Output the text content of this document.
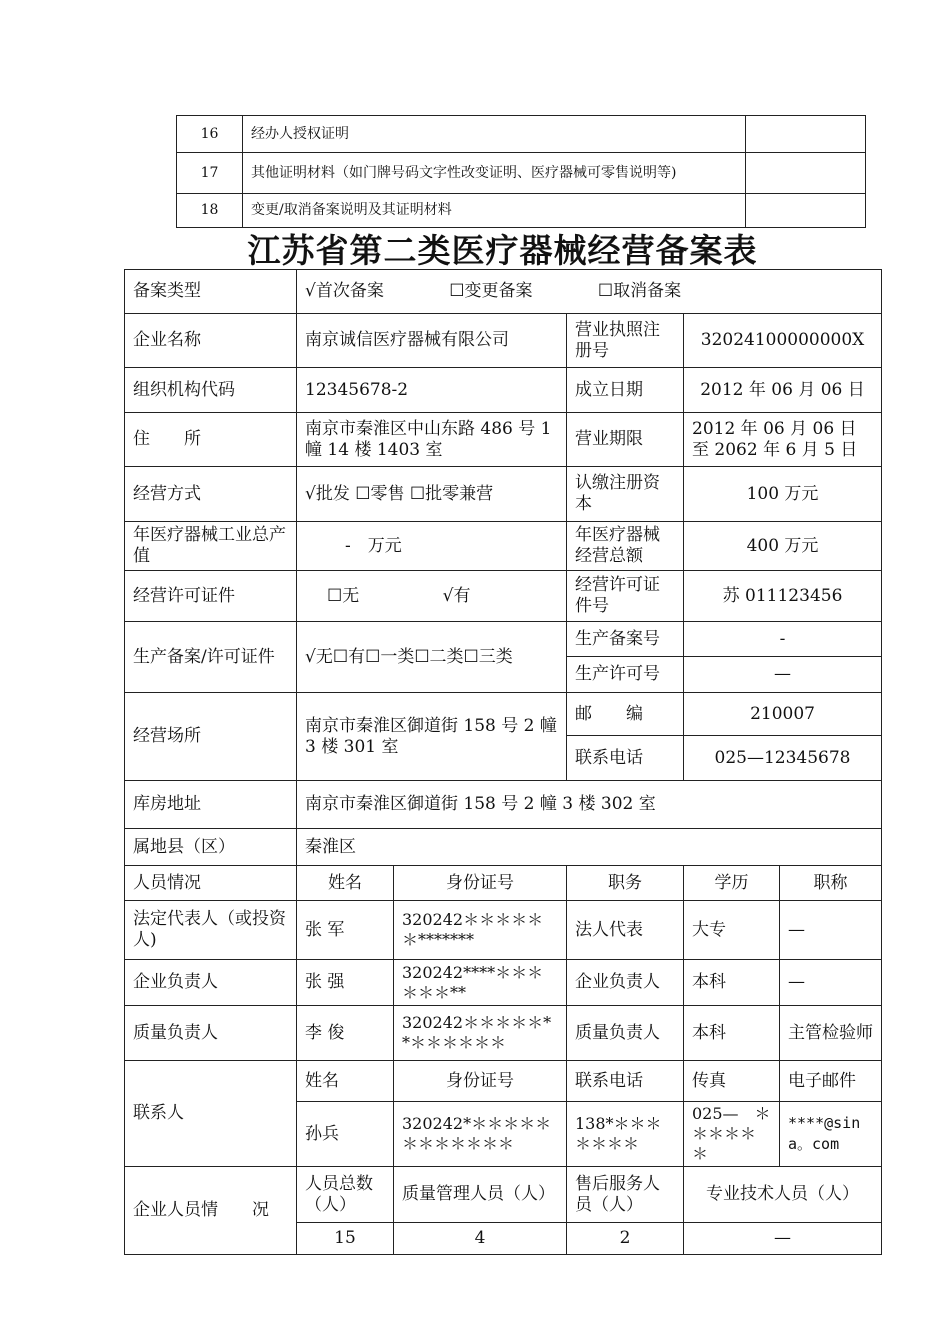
16	经办人授权证明	
17	其他证明材料（如门牌号码文字性改变证明、医疗器械可零售说明等)	
18	变更/取消备案说明及其证明材料	
江苏省第二类医疗器械经营备案表
备案类型	√首次备案 ☐变更备案 ☐取消备案				
企业名称	南京诚信医疗器械有限公司		营业执照注册号	32024100000000X	
组织机构代码	12345678-2		成立日期	2012 年 06 月 06 日	
住　　所	南京市秦淮区中山东路 486 号 1 幢 14 楼 1403 室		营业期限	2012 年 06 月 06 日至 2062 年 6 月 5 日	
经营方式	√批发 ☐零售 ☐批零兼营		认缴注册资本	100 万元	
年医疗器械工业总产值	-　万元		年医疗器械经营总额	400 万元	
经营许可证件	☐无 √有		经营许可证件号	苏 011123456	
生产备案/许可证件	√无☐有☐一类☐二类☐三类		生产备案号	-	
			生产许可号	—	
经营场所	南京市秦淮区御道街 158 号 2 幢 3 楼 301 室		邮　　编	210007	
			联系电话	025—12345678	
库房地址	南京市秦淮区御道街 158 号 2 幢 3 楼 302 室				
属地县（区）	秦淮区				
人员情况	姓名	身份证号	职务	学历	职称
法定代表人（或投资人)	张 军	320242＊＊＊＊＊＊*******	法人代表	大专	—
企业负责人	张 强	320242****＊＊＊＊＊＊**	企业负责人	本科	—
质量负责人	李 俊	320242＊＊＊＊＊**＊＊＊＊＊＊	质量负责人	本科	主管检验师
联系人	姓名	身份证号	联系电话	传真	电子邮件
	孙兵	320242*＊＊＊＊＊＊＊＊＊＊＊＊	138*＊＊＊＊＊＊＊	025—　＊＊＊＊＊＊	****@sina。com
企业人员情　　况	人员总数（人）	质量管理人员（人）	售后服务人员（人）	专业技术人员（人）	
	15	4	2	—	
